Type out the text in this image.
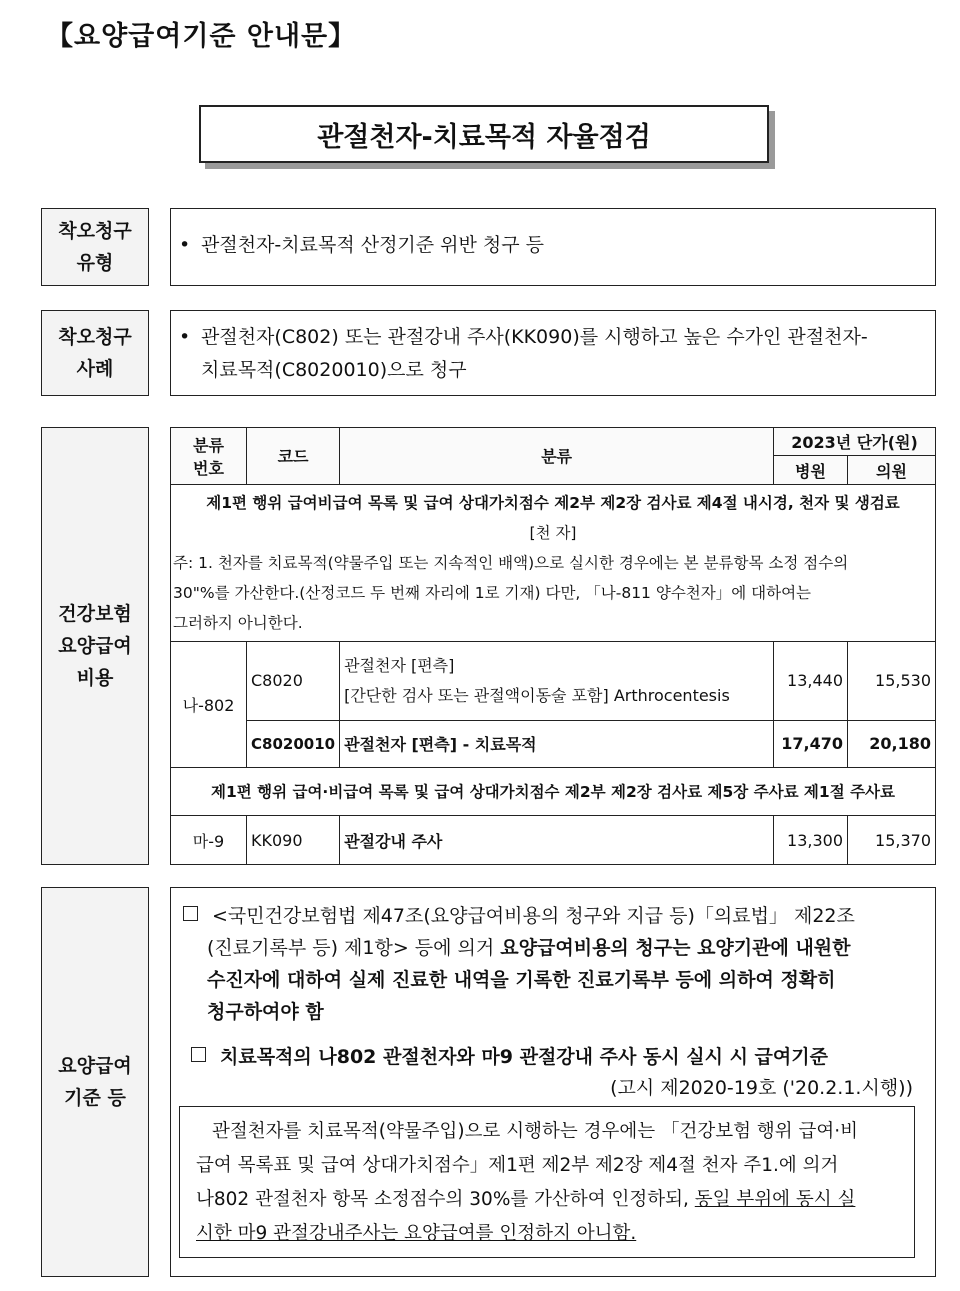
【요양급여기준 안내문】
관절천자-치료목적 자율점검
착오청구
유형
• 관절천자-치료목적 산정기준 위반 청구 등
착오청구
사례
• 관절천자(C802) 또는 관절강내 주사(KK090)를 시행하고 높은 수가인 관절천자-
치료목적(C8020010)으로 청구
건강보험
요양급여
비용
분류
번호	코드	분류	2023년 단가(원)	
			병원	의원

제1편 행위 급여비급여 목록 및 급여 상대가치점수 제2부 제2장 검사료 제4절 내시경, 천자 및 생검료
[천 자]
주: 1. 천자를 치료목적(약물주입 또는 지속적인 배액)으로 실시한 경우에는 본 분류항목 소정 점수의
30"%를 가산한다.(산정코드 두 번째 자리에 1로 기재) 다만, 「나-811 양수천자」에 대하여는
그러하지 아니한다.				

나-802	C8020	관절천자 [편측]
[간단한 검사 또는 관절액이동술 포함] Arthrocentesis	13,440	15,530
	C8020010	관절천자 [편측] - 치료목적	17,470	20,180
제1편 행위 급여·비급여 목록 및 급여 상대가치점수 제2부 제2장 검사료 제5장 주사료 제1절 주사료				
마-9	KK090	관절강내 주사	13,300	15,370
요양급여
기준 등
<국민건강보험법 제47조(요양급여비용의 청구와 지급 등)「의료법」 제22조
(진료기록부 등) 제1항> 등에 의거 요양급여비용의 청구는 요양기관에 내원한
수진자에 대하여 실제 진료한 내역을 기록한 진료기록부 등에 의하여 정확히
청구하여야 함
치료목적의 나802 관절천자와 마9 관절강내 주사 동시 실시 시 급여기준
(고시 제2020-19호 ('20.2.1.시행))
관절천자를 치료목적(약물주입)으로 시행하는 경우에는 「건강보험 행위 급여·비
급여 목록표 및 급여 상대가치점수」제1편 제2부 제2장 제4절 천자 주1.에 의거
나802 관절천자 항목 소정점수의 30%를 가산하여 인정하되, 동일 부위에 동시 실
시한 마9 관절강내주사는 요양급여를 인정하지 아니함.
